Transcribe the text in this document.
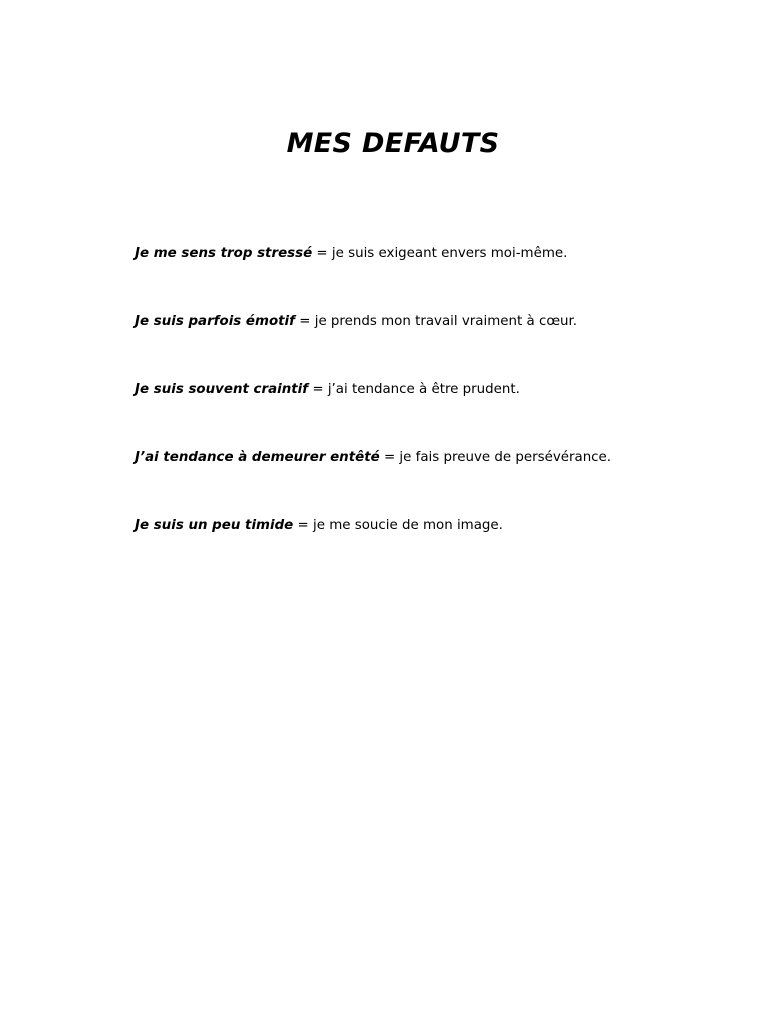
MES DEFAUTS
Je me sens trop stressé = je suis exigeant envers moi-même.
Je suis parfois émotif = je prends mon travail vraiment à cœur.
Je suis souvent craintif = j’ai tendance à être prudent.
J’ai tendance à demeurer entêté = je fais preuve de persévérance.
Je suis un peu timide = je me soucie de mon image.
